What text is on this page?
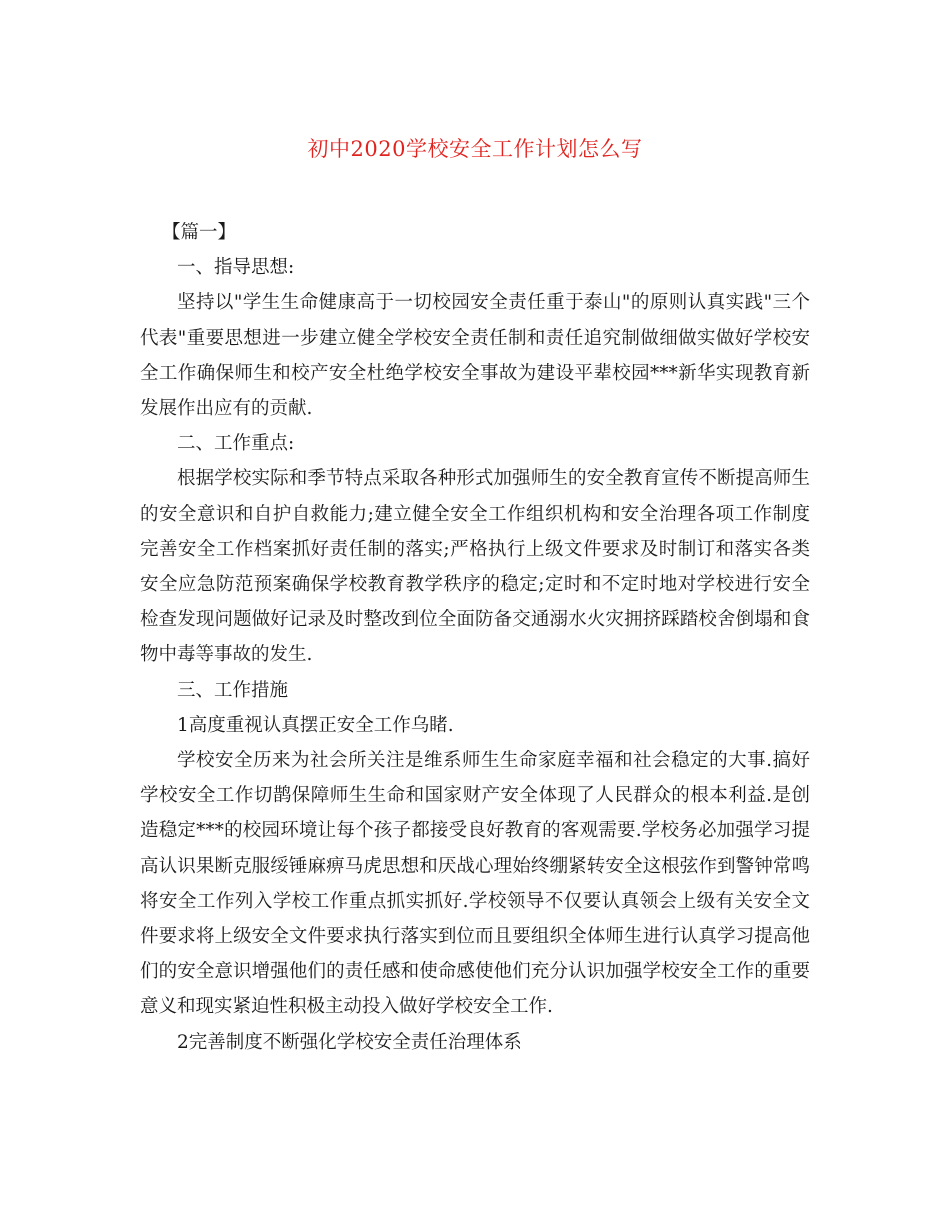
初中2020学校安全工作计划怎么写

【篇一】

一、指导思想:

坚持以"学生生命健康高于一切校园安全责任重于泰山"的原则认真实践"三个代表"重要思想进一步建立健全学校安全责任制和责任追究制做细做实做好学校安全工作确保师生和校产安全杜绝学校安全事故为建设平辈校园***新华实现教育新发展作出应有的贡献.

二、工作重点:

根据学校实际和季节特点采取各种形式加强师生的安全教育宣传不断提高师生的安全意识和自护自救能力;建立健全安全工作组织机构和安全治理各项工作制度完善安全工作档案抓好责任制的落实;严格执行上级文件要求及时制订和落实各类安全应急防范预案确保学校教育教学秩序的稳定;定时和不定时地对学校进行安全检查发现问题做好记录及时整改到位全面防备交通溺水火灾拥挤踩踏校舍倒塌和食物中毒等事故的发生.

三、工作措施

1高度重视认真摆正安全工作乌睹.

学校安全历来为社会所关注是维系师生生命家庭幸福和社会稳定的大事.搞好学校安全工作切鹊保障师生生命和国家财产安全体现了人民群众的根本利益.是创造稳定***的校园环境让每个孩子都接受良好教育的客观需要.学校务必加强学习提高认识果断克服绥锤麻痹马虎思想和厌战心理始终绷紧转安全这根弦作到警钟常鸣将安全工作列入学校工作重点抓实抓好.学校领导不仅要认真领会上级有关安全文件要求将上级安全文件要求执行落实到位而且要组织全体师生进行认真学习提高他们的安全意识增强他们的责任感和使命感使他们充分认识加强学校安全工作的重要意义和现实紧迫性积极主动投入做好学校安全工作.

2完善制度不断强化学校安全责任治理体系
